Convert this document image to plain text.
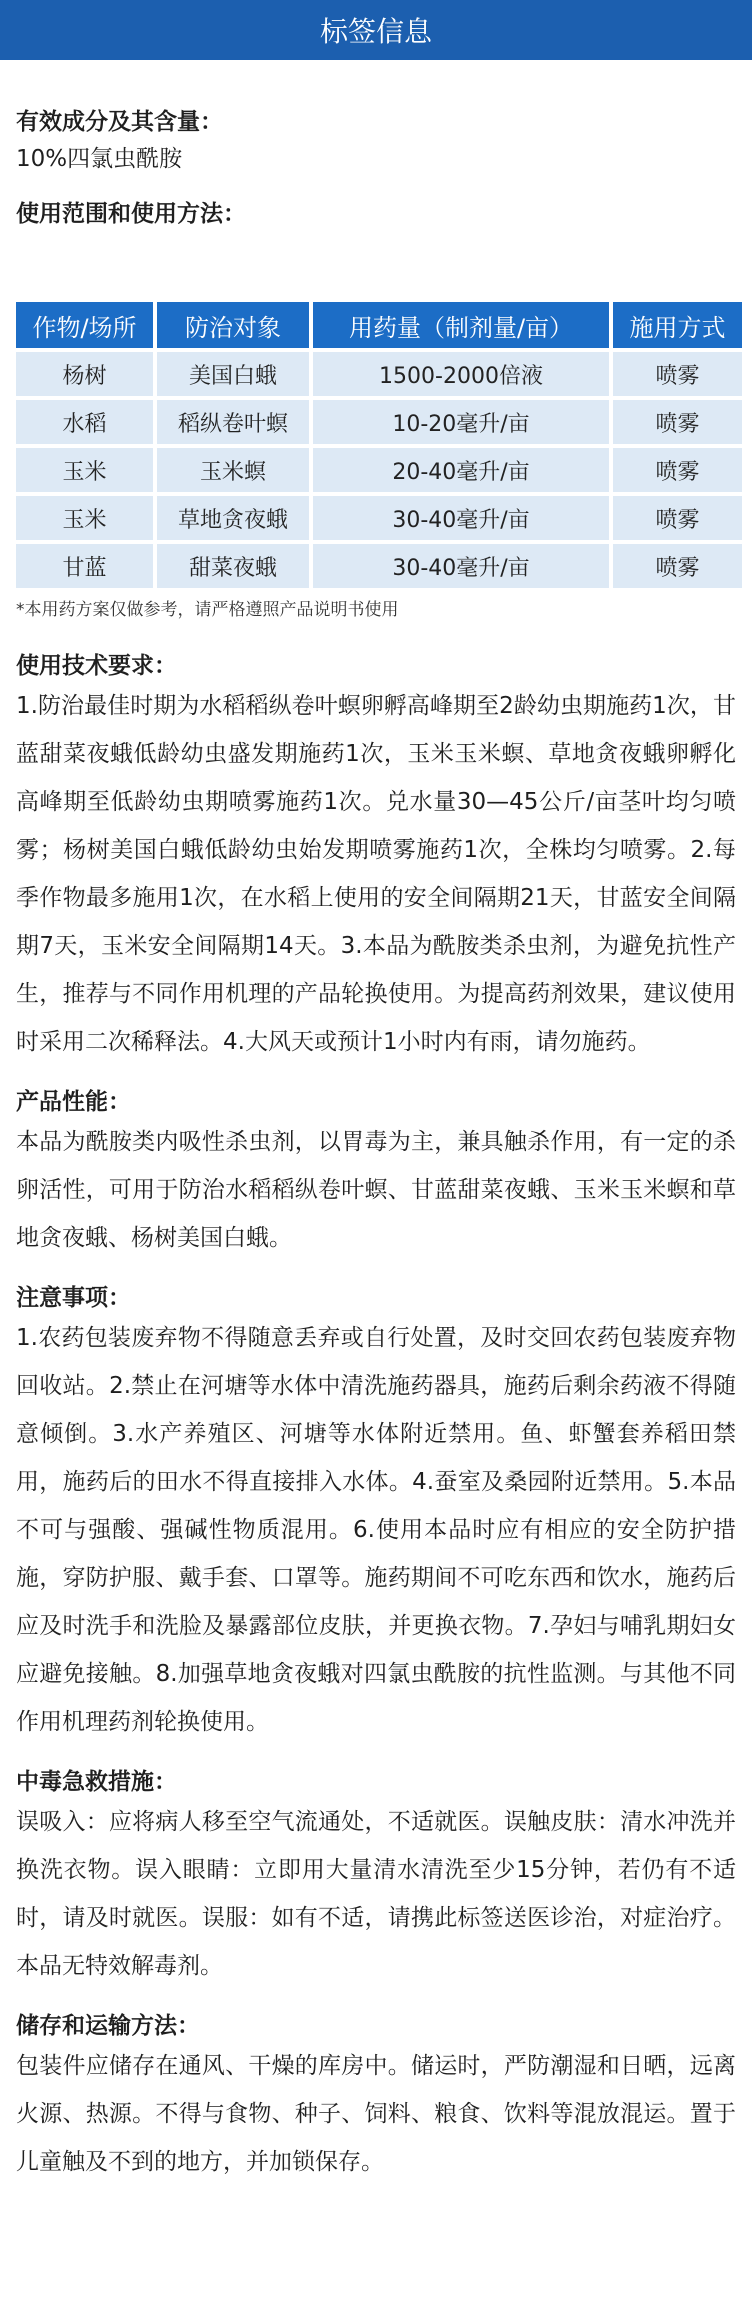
标签信息

有效成分及其含量：

10%四氯虫酰胺

使用范围和使用方法：

作物/场所	防治对象	用药量（制剂量/亩）	施用方式
杨树	美国白蛾	1500-2000倍液	喷雾
水稻	稻纵卷叶螟	10-20毫升/亩	喷雾
玉米	玉米螟	20-40毫升/亩	喷雾
玉米	草地贪夜蛾	30-40毫升/亩	喷雾
甘蓝	甜菜夜蛾	30-40毫升/亩	喷雾
*本用药方案仅做参考，请严格遵照产品说明书使用

使用技术要求：

1.防治最佳时期为水稻稻纵卷叶螟卵孵高峰期至2龄幼虫期施药1次，甘蓝甜菜夜蛾低龄幼虫盛发期施药1次，玉米玉米螟、草地贪夜蛾卵孵化高峰期至低龄幼虫期喷雾施药1次。兑水量30—45公斤/亩茎叶均匀喷雾；杨树美国白蛾低龄幼虫始发期喷雾施药1次，全株均匀喷雾。2.每季作物最多施用1次，在水稻上使用的安全间隔期21天，甘蓝安全间隔期7天，玉米安全间隔期14天。3.本品为酰胺类杀虫剂，为避免抗性产生，推荐与不同作用机理的产品轮换使用。为提高药剂效果，建议使用时采用二次稀释法。4.大风天或预计1小时内有雨，请勿施药。

产品性能：

本品为酰胺类内吸性杀虫剂，以胃毒为主，兼具触杀作用，有一定的杀卵活性，可用于防治水稻稻纵卷叶螟、甘蓝甜菜夜蛾、玉米玉米螟和草地贪夜蛾、杨树美国白蛾。

注意事项：

1.农药包装废弃物不得随意丢弃或自行处置，及时交回农药包装废弃物回收站。2.禁止在河塘等水体中清洗施药器具，施药后剩余药液不得随意倾倒。3.水产养殖区、河塘等水体附近禁用。鱼、虾蟹套养稻田禁用，施药后的田水不得直接排入水体。4.蚕室及桑园附近禁用。5.本品不可与强酸、强碱性物质混用。6.使用本品时应有相应的安全防护措施，穿防护服、戴手套、口罩等。施药期间不可吃东西和饮水，施药后应及时洗手和洗脸及暴露部位皮肤，并更换衣物。7.孕妇与哺乳期妇女应避免接触。8.加强草地贪夜蛾对四氯虫酰胺的抗性监测。与其他不同作用机理药剂轮换使用。

中毒急救措施：

误吸入：应将病人移至空气流通处，不适就医。误触皮肤：清水冲洗并换洗衣物。误入眼睛：立即用大量清水清洗至少15分钟，若仍有不适时，请及时就医。误服：如有不适，请携此标签送医诊治，对症治疗。本品无特效解毒剂。

储存和运输方法：

包装件应储存在通风、干燥的库房中。储运时，严防潮湿和日晒，远离火源、热源。不得与食物、种子、饲料、粮食、饮料等混放混运。置于儿童触及不到的地方，并加锁保存。
